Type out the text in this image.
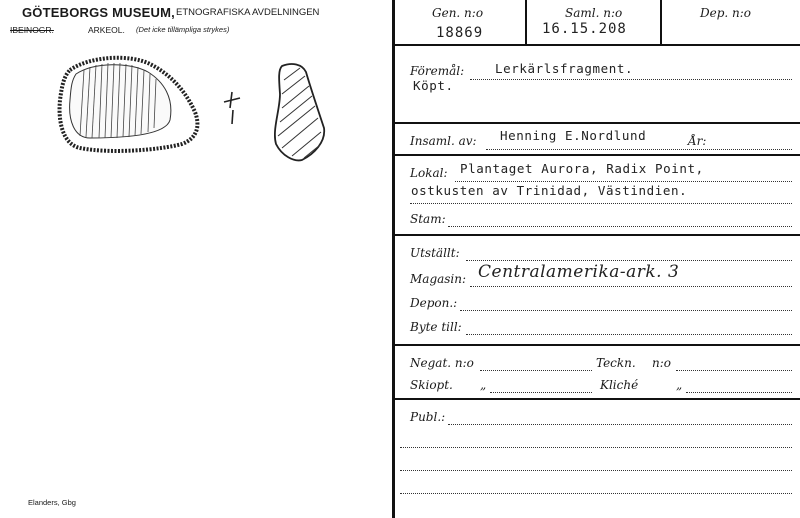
GÖTEBORGS MUSEUM, ETNOGRAFISKA AVDELNINGEN
IBEINOGR.	ARKEOL. (Det icke tillämpliga strykes)
Elanders, Gbg
Gen. n:o
18869
Saml. n:o
16.15.208
Dep. n:o
Föremål: Lerkärlsfragment.
Köpt.
Insaml. av: Henning E.Nordlund	År:
Lokal: Plantaget Aurora, Radix Point,
ostkusten av Trinidad, Västindien.
Stam:
Utställt:
Magasin: Centralamerika-ark. 3
Depon.:
Byte till:
Negat. n:o	Teckn. n:o
Skiopt. „	Kliché	„
Publ.:
